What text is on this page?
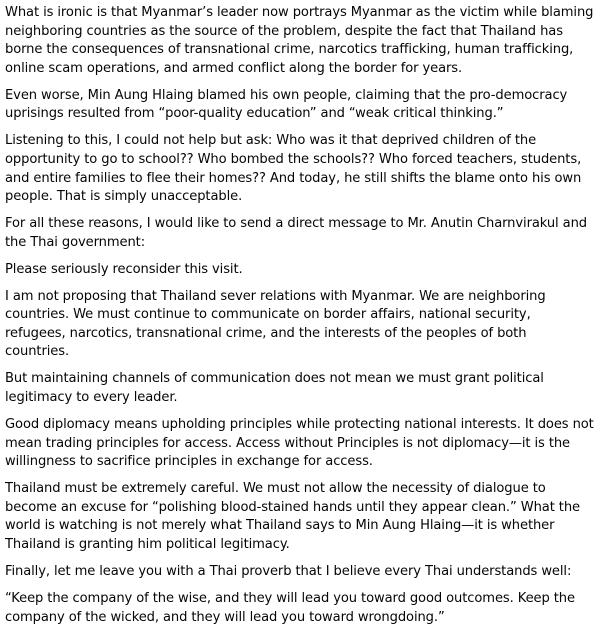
What is ironic is that Myanmar’s leader now portrays Myanmar as the victim while blaming neighboring countries as the source of the problem, despite the fact that Thailand has borne the consequences of transnational crime, narcotics trafficking, human trafficking, online scam operations, and armed conflict along the border for years.

Even worse, Min Aung Hlaing blamed his own people, claiming that the pro-democracy uprisings resulted from “poor-quality education” and “weak critical thinking.”

Listening to this, I could not help but ask: Who was it that deprived children of the opportunity to go to school?? Who bombed the schools?? Who forced teachers, students, and entire families to flee their homes?? And today, he still shifts the blame onto his own people. That is simply unacceptable.

For all these reasons, I would like to send a direct message to Mr. Anutin Charnvirakul and the Thai government:

Please seriously reconsider this visit.

I am not proposing that Thailand sever relations with Myanmar. We are neighboring countries. We must continue to communicate on border affairs, national security, refugees, narcotics, transnational crime, and the interests of the peoples of both countries.

But maintaining channels of communication does not mean we must grant political legitimacy to every leader.

Good diplomacy means upholding principles while protecting national interests. It does not mean trading principles for access. Access without Principles is not diplomacy—it is the willingness to sacrifice principles in exchange for access.

Thailand must be extremely careful. We must not allow the necessity of dialogue to become an excuse for “polishing blood-stained hands until they appear clean.” What the world is watching is not merely what Thailand says to Min Aung Hlaing—it is whether Thailand is granting him political legitimacy.

Finally, let me leave you with a Thai proverb that I believe every Thai understands well:

“Keep the company of the wise, and they will lead you toward good outcomes. Keep the company of the wicked, and they will lead you toward wrongdoing.”
